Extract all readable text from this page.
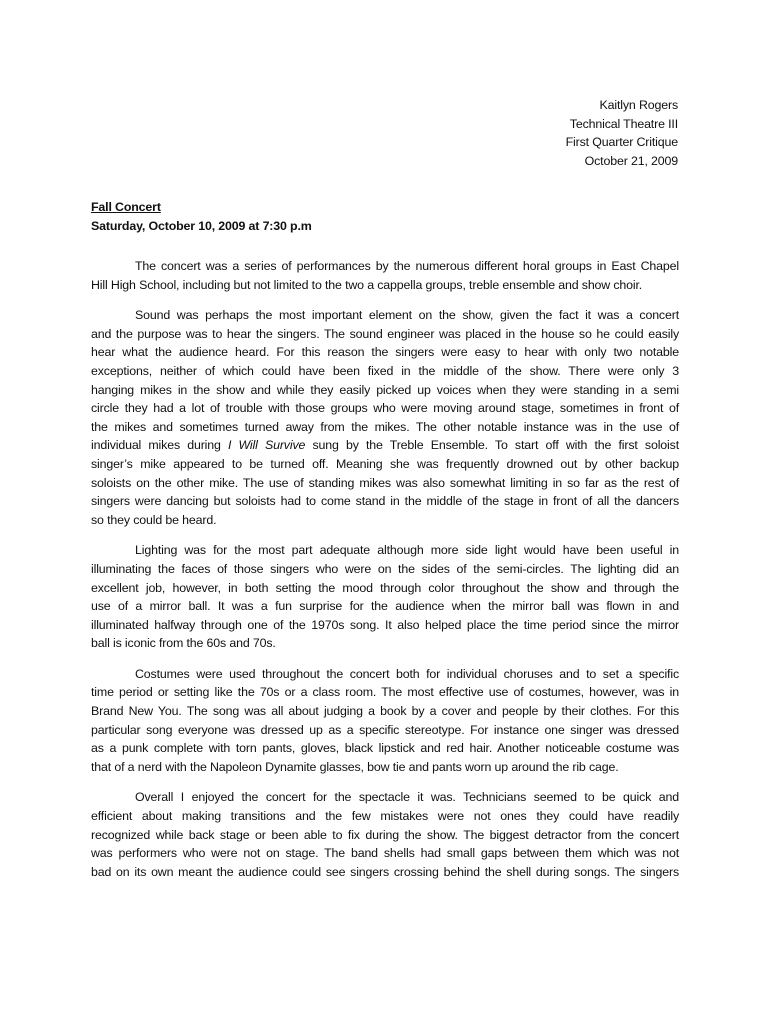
Kaitlyn Rogers
Technical Theatre III
First Quarter Critique
October 21, 2009
Fall Concert
Saturday, October 10, 2009 at 7:30 p.m
The concert was a series of performances by the numerous different horal groups in East Chapel
Hill High School, including but not limited to the two a cappella groups, treble ensemble and show choir.
Sound was perhaps the most important element on the show, given the fact it was a concert
and the purpose was to hear the singers. The sound engineer was placed in the house so he could easily
hear what the audience heard. For this reason the singers were easy to hear with only two notable
exceptions, neither of which could have been fixed in the middle of the show. There were only 3
hanging mikes in the show and while they easily picked up voices when they were standing in a semi
circle they had a lot of trouble with those groups who were moving around stage, sometimes in front of
the mikes and sometimes turned away from the mikes. The other notable instance was in the use of
individual mikes during I Will Survive sung by the Treble Ensemble. To start off with the first soloist
singer’s mike appeared to be turned off. Meaning she was frequently drowned out by other backup
soloists on the other mike. The use of standing mikes was also somewhat limiting in so far as the rest of
singers were dancing but soloists had to come stand in the middle of the stage in front of all the dancers
so they could be heard.
Lighting was for the most part adequate although more side light would have been useful in
illuminating the faces of those singers who were on the sides of the semi-circles. The lighting did an
excellent job, however, in both setting the mood through color throughout the show and through the
use of a mirror ball. It was a fun surprise for the audience when the mirror ball was flown in and
illuminated halfway through one of the 1970s song. It also helped place the time period since the mirror
ball is iconic from the 60s and 70s.
Costumes were used throughout the concert both for individual choruses and to set a specific
time period or setting like the 70s or a class room. The most effective use of costumes, however, was in
Brand New You. The song was all about judging a book by a cover and people by their clothes. For this
particular song everyone was dressed up as a specific stereotype. For instance one singer was dressed
as a punk complete with torn pants, gloves, black lipstick and red hair. Another noticeable costume was
that of a nerd with the Napoleon Dynamite glasses, bow tie and pants worn up around the rib cage.
Overall I enjoyed the concert for the spectacle it was. Technicians seemed to be quick and
efficient about making transitions and the few mistakes were not ones they could have readily
recognized while back stage or been able to fix during the show. The biggest detractor from the concert
was performers who were not on stage. The band shells had small gaps between them which was not
bad on its own meant the audience could see singers crossing behind the shell during songs. The singers
